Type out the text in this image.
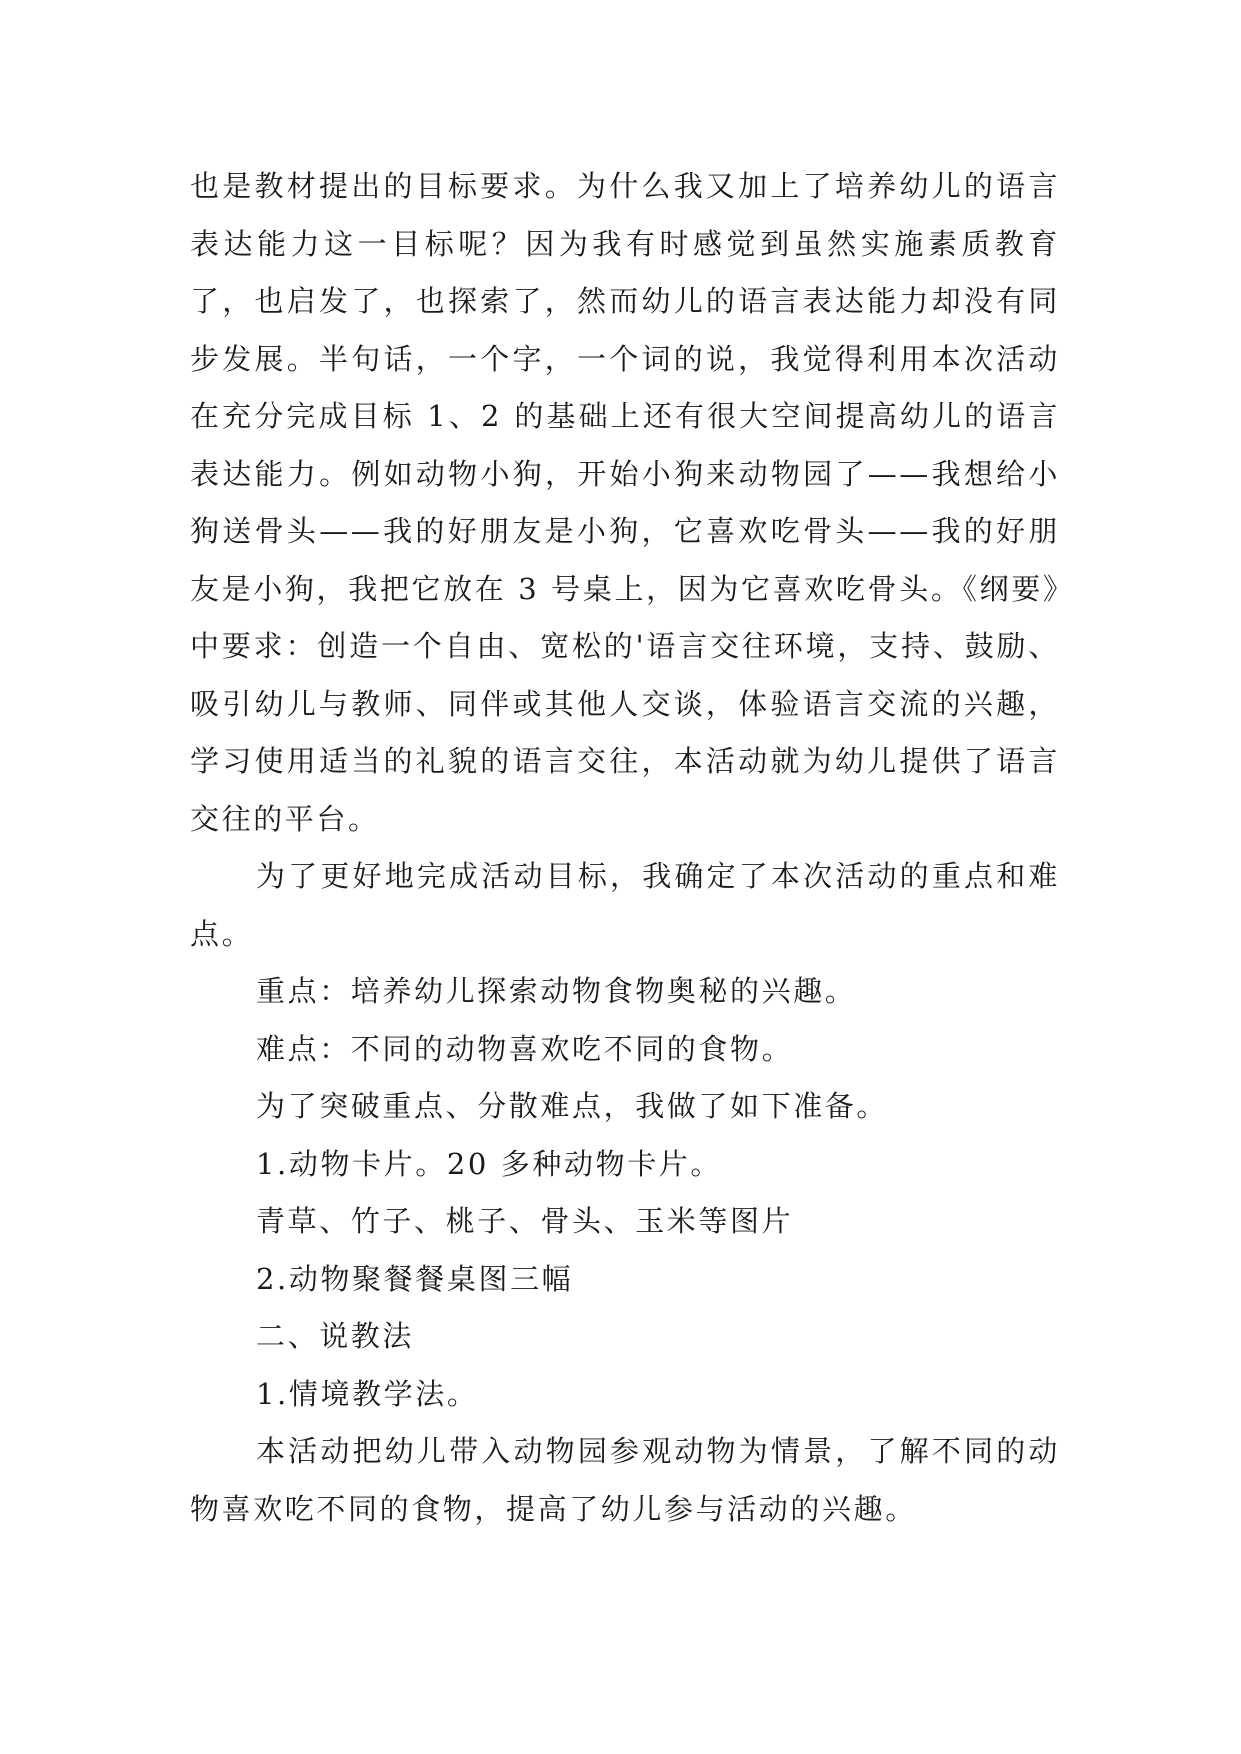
也是教材提出的目标要求。为什么我又加上了培养幼儿的语言表达能力这一目标呢？因为我有时感觉到虽然实施素质教育了，也启发了，也探索了，然而幼儿的语言表达能力却没有同步发展。半句话，一个字，一个词的说，我觉得利用本次活动在充分完成目标 1、2 的基础上还有很大空间提高幼儿的语言表达能力。例如动物小狗，开始小狗来动物园了——我想给小狗送骨头——我的好朋友是小狗，它喜欢吃骨头——我的好朋友是小狗，我把它放在 3 号桌上，因为它喜欢吃骨头。《纲要》中要求：创造一个自由、宽松的'语言交往环境，支持、鼓励、吸引幼儿与教师、同伴或其他人交谈，体验语言交流的兴趣，学习使用适当的礼貌的语言交往，本活动就为幼儿提供了语言交往的平台。

为了更好地完成活动目标，我确定了本次活动的重点和难点。

重点：培养幼儿探索动物食物奥秘的兴趣。

难点：不同的动物喜欢吃不同的食物。

为了突破重点、分散难点，我做了如下准备。

1.动物卡片。20 多种动物卡片。

青草、竹子、桃子、骨头、玉米等图片

2.动物聚餐餐桌图三幅

二、说教法

1.情境教学法。

本活动把幼儿带入动物园参观动物为情景，了解不同的动物喜欢吃不同的食物，提高了幼儿参与活动的兴趣。
